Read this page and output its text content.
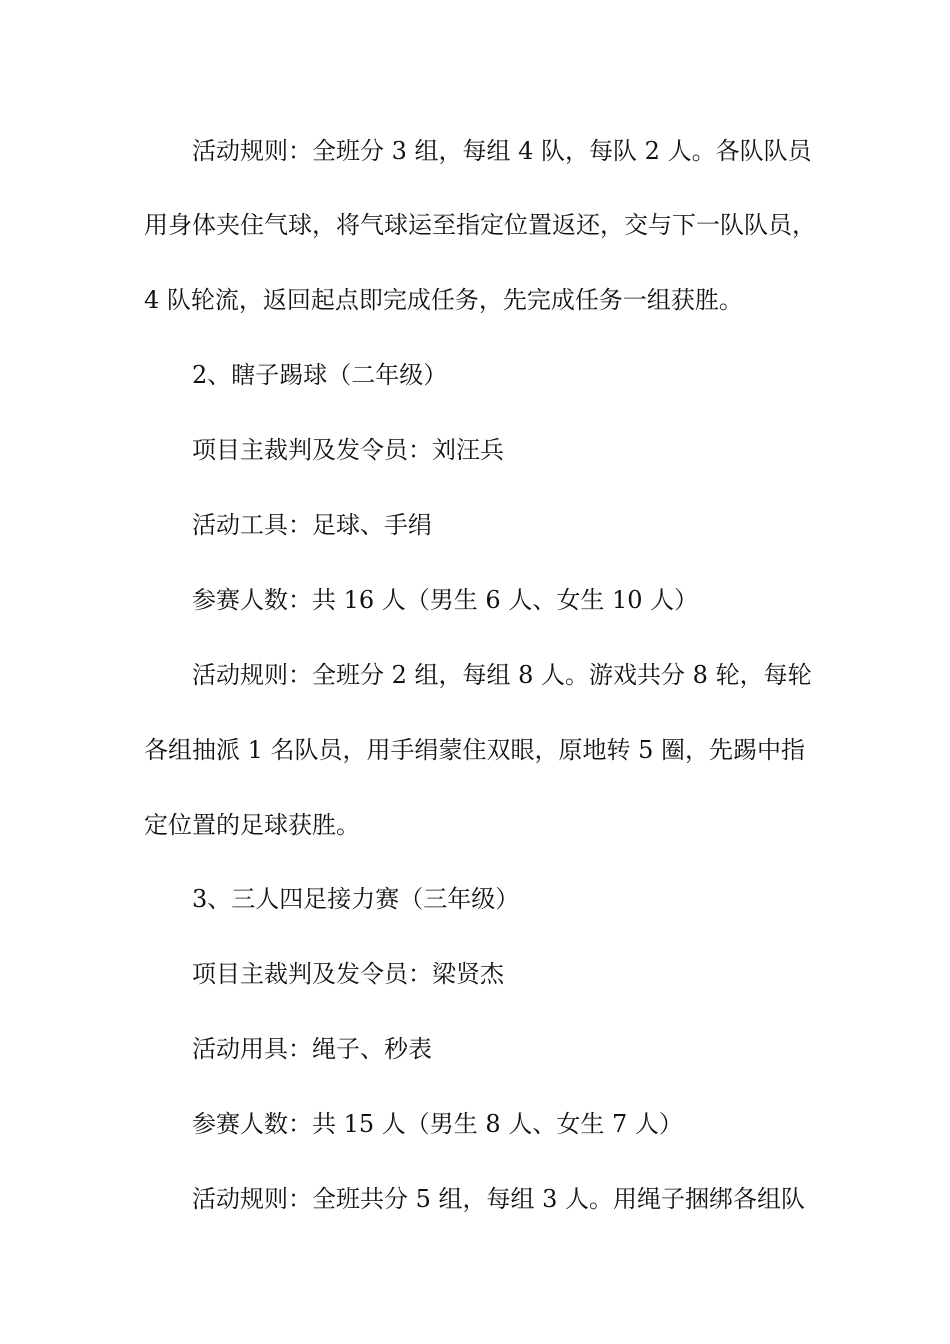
活动规则：全班分 3 组，每组 4 队，每队 2 人。各队队员
用身体夹住气球，将气球运至指定位置返还，交与下一队队员，
4 队轮流，返回起点即完成任务，先完成任务一组获胜。
2、瞎子踢球（二年级）
项目主裁判及发令员：刘汪兵
活动工具：足球、手绢
参赛人数：共 16 人（男生 6 人、女生 10 人）
活动规则：全班分 2 组，每组 8 人。游戏共分 8 轮，每轮
各组抽派 1 名队员，用手绢蒙住双眼，原地转 5 圈，先踢中指
定位置的足球获胜。
3、三人四足接力赛（三年级）
项目主裁判及发令员：梁贤杰
活动用具：绳子、秒表
参赛人数：共 15 人（男生 8 人、女生 7 人）
活动规则：全班共分 5 组，每组 3 人。用绳子捆绑各组队
